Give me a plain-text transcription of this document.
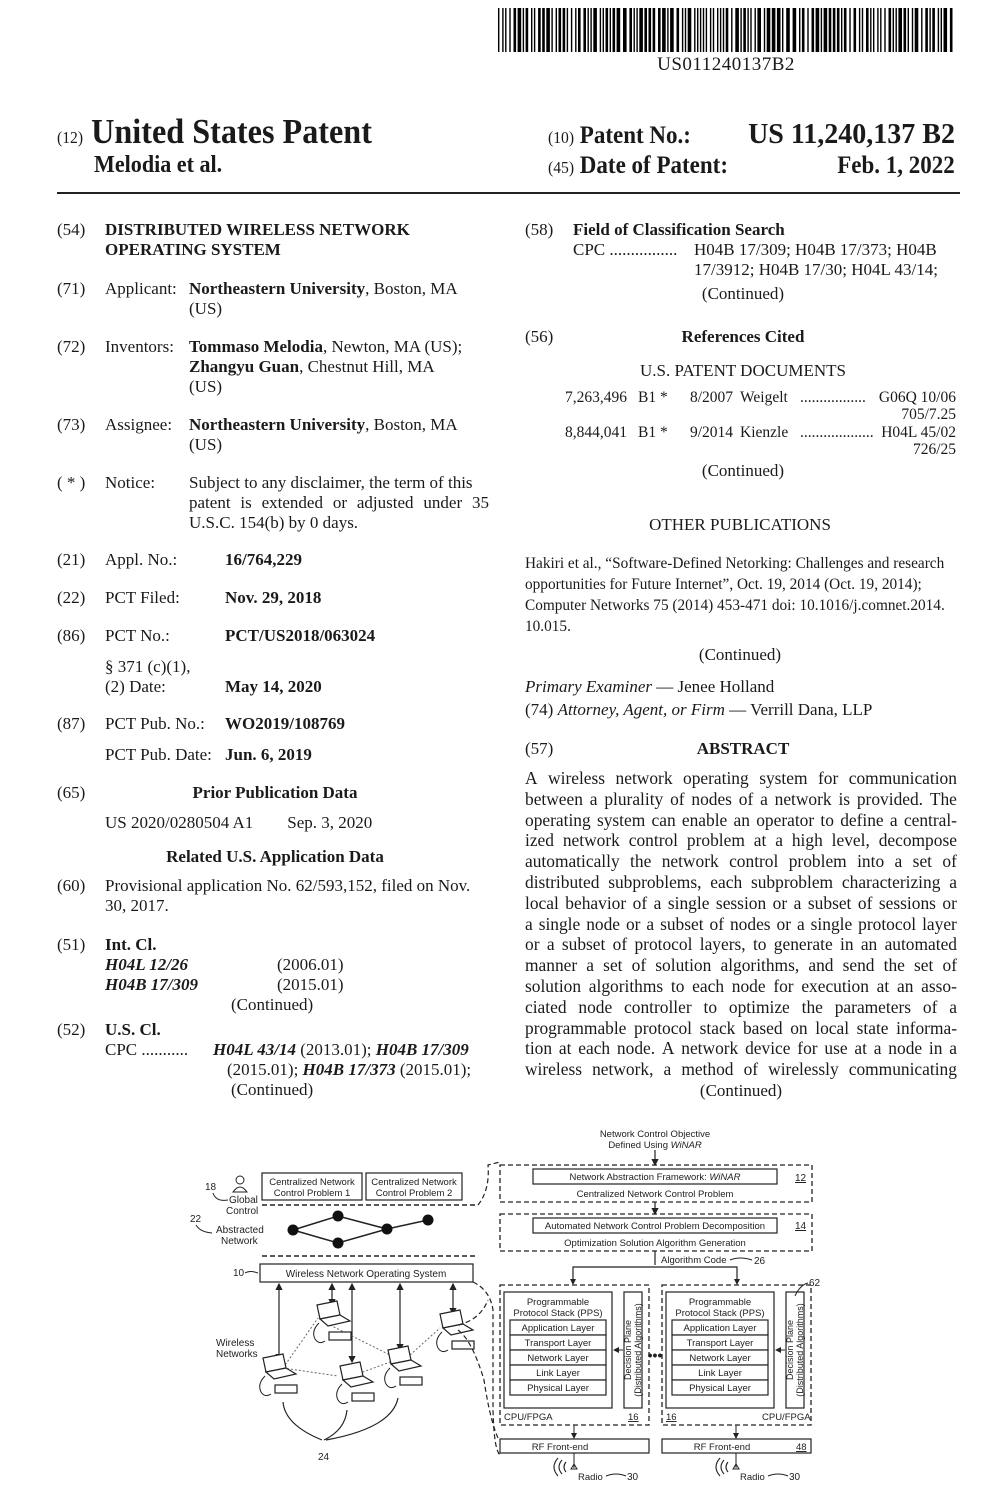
US011240137B2
(12) United States Patent
Melodia et al.
(10) Patent No.: US 11,240,137 B2
(45) Date of Patent:	Feb. 1, 2022
(54)	DISTRIBUTED WIRELESS NETWORK
OPERATING SYSTEM
(71)	Applicant: Northeastern University, Boston, MA
(US)
(72)	Inventors: Tommaso Melodia, Newton, MA (US);
Zhangyu Guan, Chestnut Hill, MA
(US)
(73)	Assignee: Northeastern University, Boston, MA
(US)
( * )	Notice: Subject to any disclaimer, the term of this
patent is extended or adjusted under 35
U.S.C. 154(b) by 0 days.
(21)	Appl. No.:	16/764,229
(22)	PCT Filed:	Nov. 29, 2018
(86)	PCT No.:	PCT/US2018/063024
§ 371 (c)(1),
(2) Date:	May 14, 2020
(87)	PCT Pub. No.: WO2019/108769
PCT Pub. Date: Jun. 6, 2019
(65)	Prior Publication Data
US 2020/0280504 A1 Sep. 3, 2020
Related U.S. Application Data
(60)	Provisional application No. 62/593,152, filed on Nov.
30, 2017.
(51)	Int. Cl.
H04L 12/26	(2006.01)
H04B 17/309	(2015.01)
(Continued)
(52)	U.S. Cl.
CPC ........... H04L 43/14 (2013.01); H04B 17/309
(2015.01); H04B 17/373 (2015.01);
(Continued)
(58)	Field of Classification Search
CPC ................ H04B 17/309; H04B 17/373; H04B
17/3912; H04B 17/30; H04L 43/14;
(Continued)
(56)	References Cited
U.S. PATENT DOCUMENTS
7,263,496 B1 * 8/2007 Weigelt ................. G06Q 10/06
705/7.25
8,844,041 B1 * 9/2014 Kienzle ................... H04L 45/02
726/25
(Continued)
OTHER PUBLICATIONS
Hakiri et al., “Software-Defined Netorking: Challenges and research
opportunities for Future Internet”, Oct. 19, 2014 (Oct. 19, 2014);
Computer Networks 75 (2014) 453-471 doi: 10.1016/j.comnet.2014.
10.015.
(Continued)
Primary Examiner — Jenee Holland
(74) Attorney, Agent, or Firm — Verrill Dana, LLP
(57)	ABSTRACT
A wireless network operating system for communication
between a plurality of nodes of a network is provided. The
operating system can enable an operator to define a central-
ized network control problem at a high level, decompose
automatically the network control problem into a set of
distributed subproblems, each subproblem characterizing a
local behavior of a single session or a subset of sessions or
a single node or a subset of nodes or a single protocol layer
or a subset of protocol layers, to generate in an automated
manner a set of solution algorithms, and send the set of
solution algorithms to each node for execution at an asso-
ciated node controller to optimize the parameters of a
programmable protocol stack based on local state informa-
tion at each node. A network device for use at a node in a
wireless network, a method of wirelessly communicating
(Continued)
18
Global
Control
Centralized Network
Control Problem 1
Centralized Network
Control Problem 2
22
Abstracted
Network
10	Wireless Network Operating System
Wireless
Networks
24
Network Control Objective
Defined Using WiNAR
Network Abstraction Framework: WiNAR	12
Centralized Network Control Problem
Automated Network Control Problem Decomposition	14
Optimization Solution Algorithm Generation
Algorithm Code	26
Programmable
Protocol Stack (PPS)
Application Layer
Transport Layer
Network Layer
Link Layer
Physical Layer
Decision Plane (Distributed Algorithms)
CPU/FPGA	16
RF Front-end
Radio 30
Programmable
Protocol Stack (PPS)
Application Layer
Transport Layer
Network Layer
Link Layer
Physical Layer
Decision Plane (Distributed Algorithms)
16	CPU/FPGA
RF Front-end	48
Radio 30
•••
62
